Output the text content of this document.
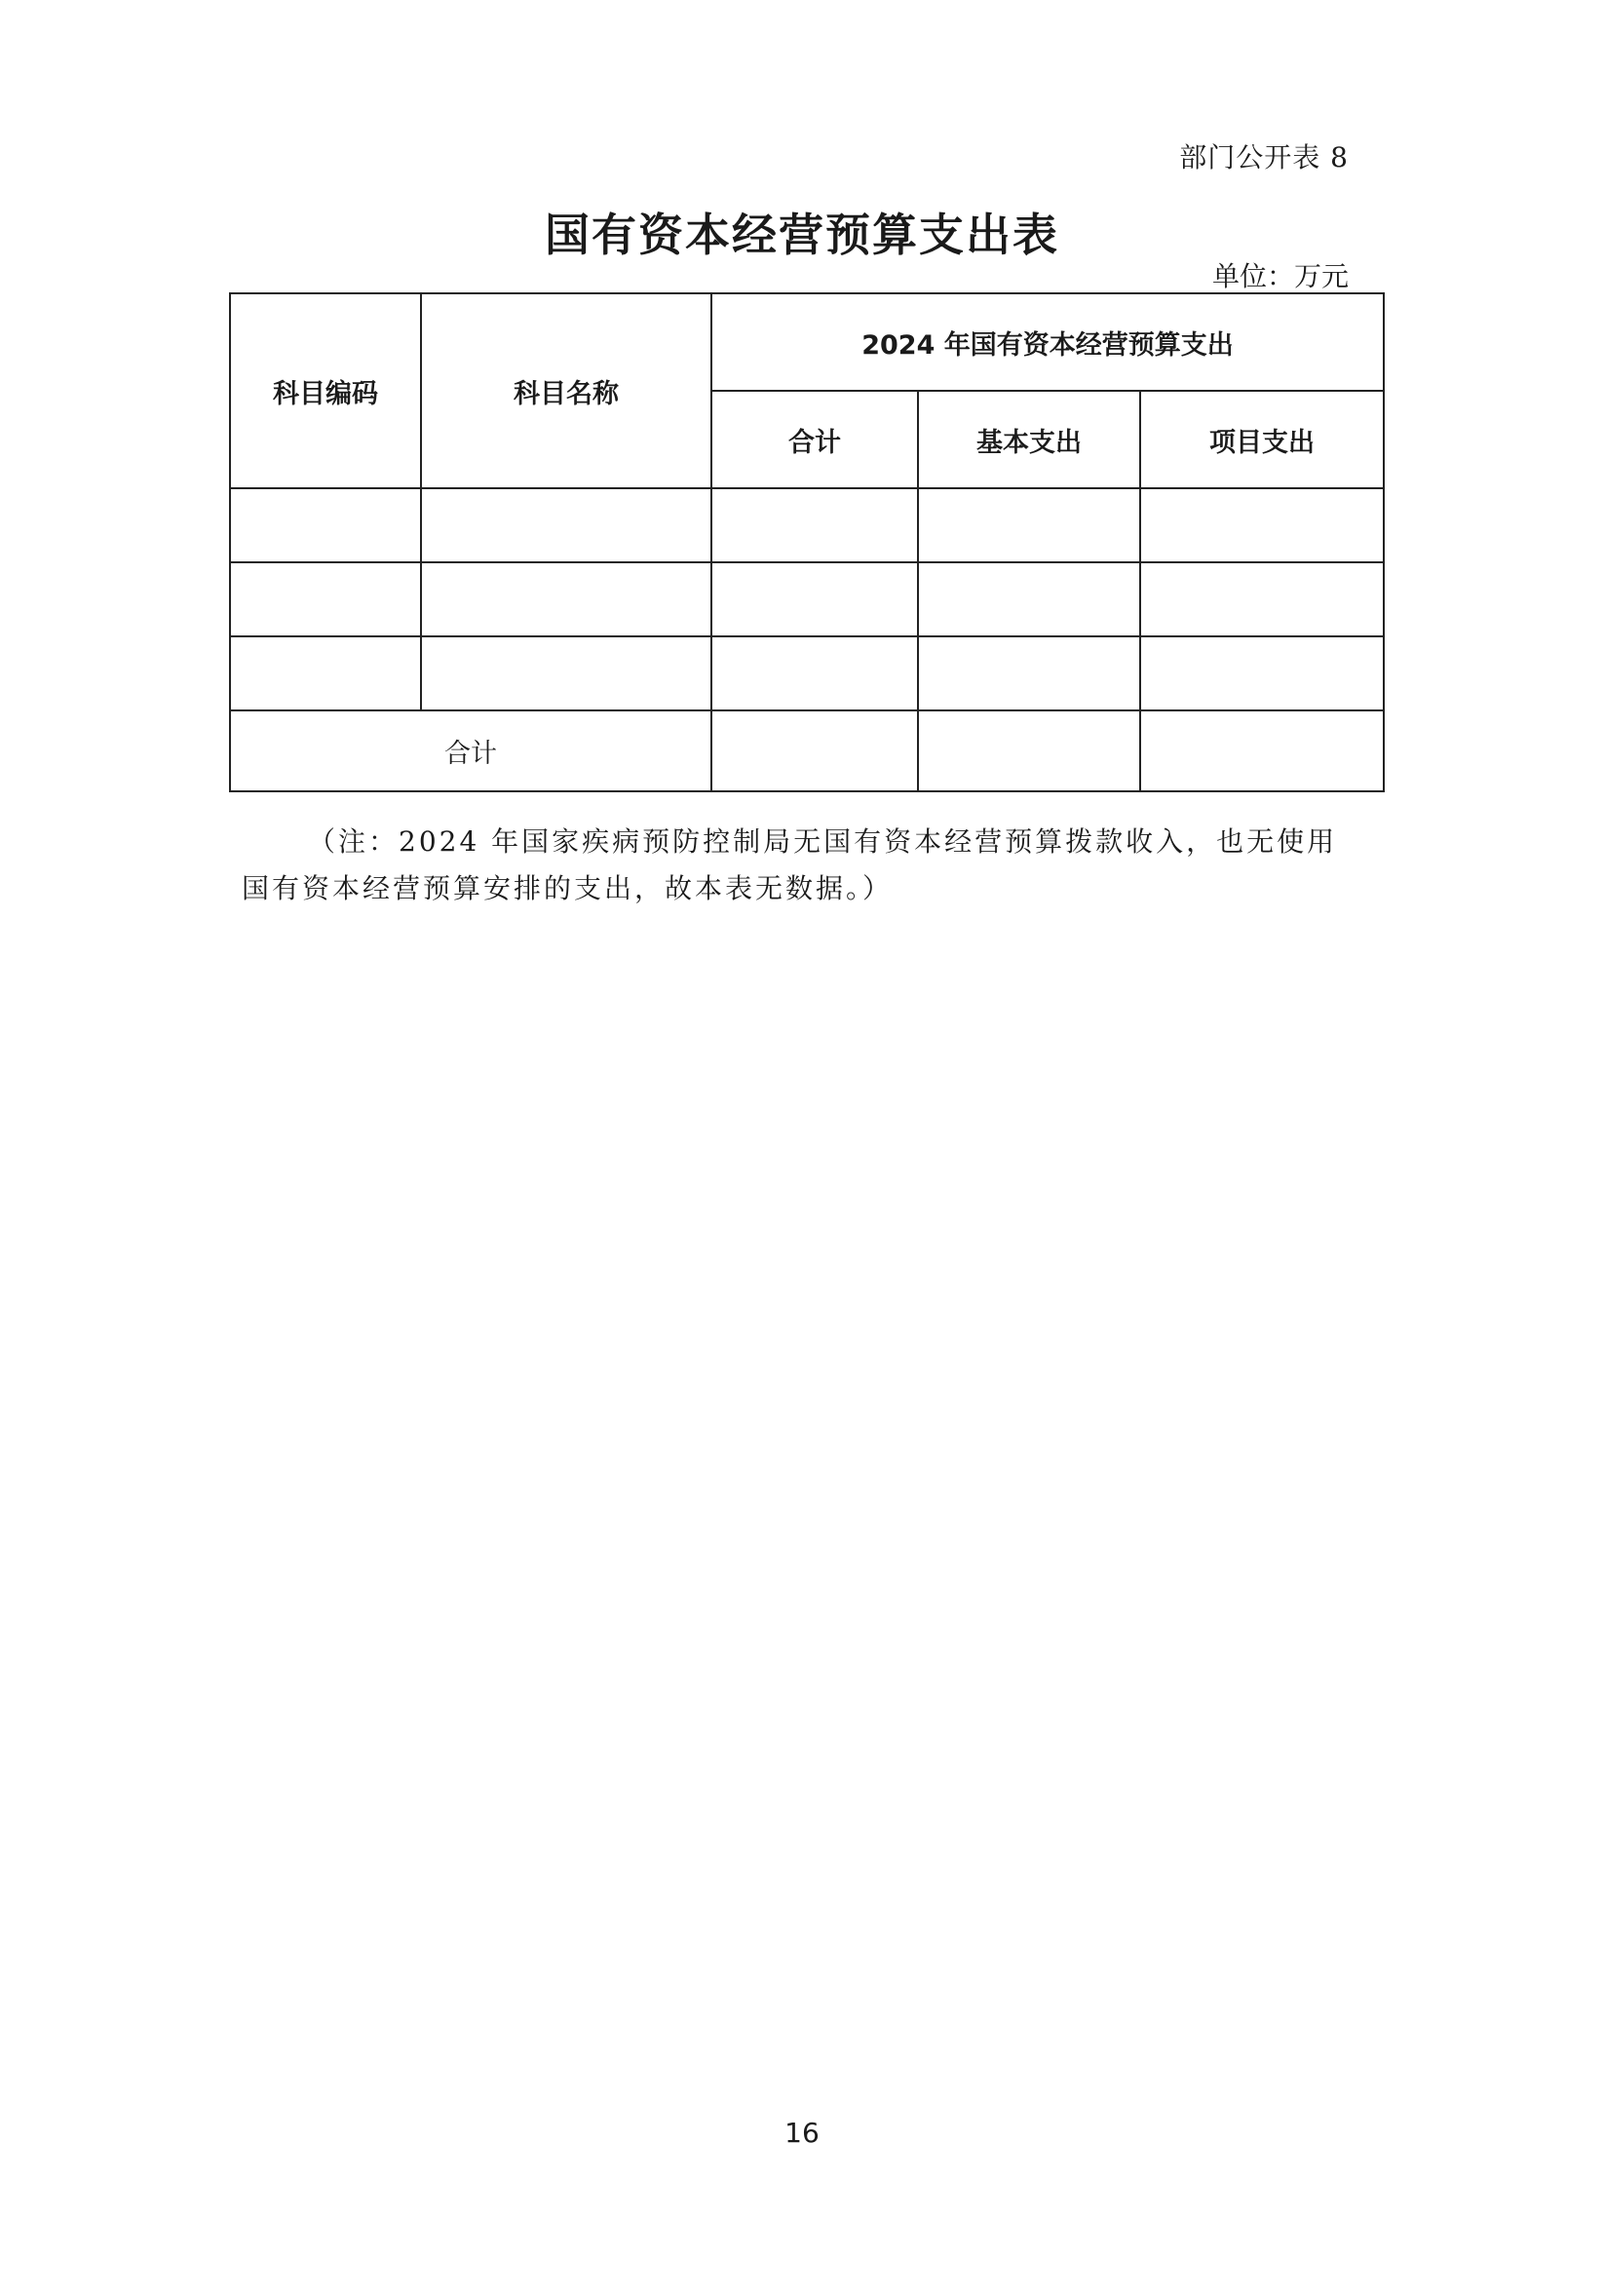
部门公开表 8
国有资本经营预算支出表
单位：万元
科目编码	科目名称	2024 年国有资本经营预算支出		
		合计	基本支出	项目支出

合计				

（注：2024 年国家疾病预防控制局无国有资本经营预算拨款收入，也无使用国有资本经营预算安排的支出，故本表无数据。）

16
